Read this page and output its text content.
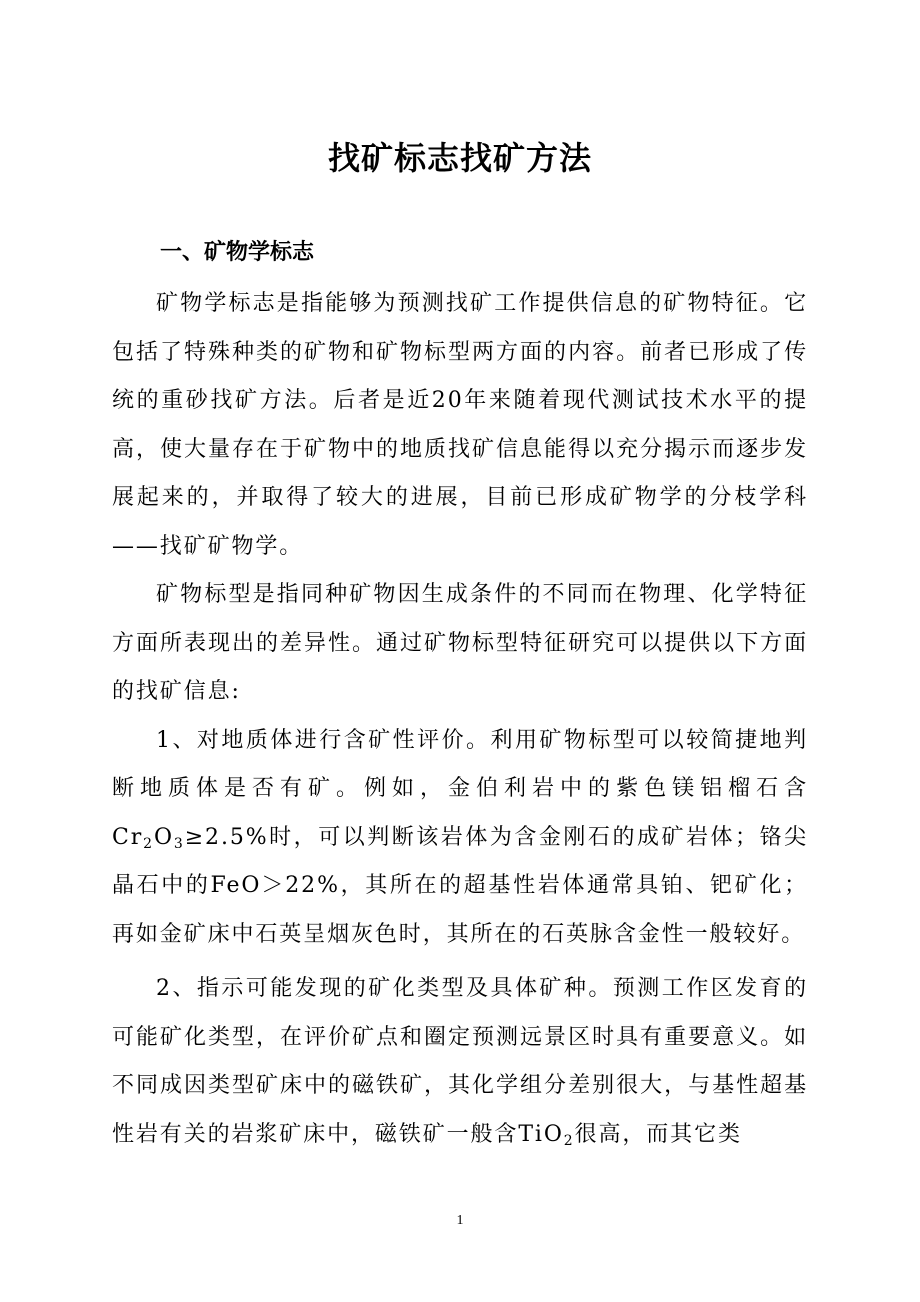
找矿标志找矿方法
一、矿物学标志

矿物学标志是指能够为预测找矿工作提供信息的矿物特征。它包括了特殊种类的矿物和矿物标型两方面的内容。前者已形成了传统的重砂找矿方法。后者是近20年来随着现代测试技术水平的提高，使大量存在于矿物中的地质找矿信息能得以充分揭示而逐步发展起来的，并取得了较大的进展，目前已形成矿物学的分枝学科——找矿矿物学。

矿物标型是指同种矿物因生成条件的不同而在物理、化学特征方面所表现出的差异性。通过矿物标型特征研究可以提供以下方面的找矿信息:

1、对地质体进行含矿性评价。利用矿物标型可以较简捷地判断地质体是否有矿。例如，金伯利岩中的紫色镁铝榴石含$Cr_2O_3\ge 2.5\%$时，可以判断该岩体为含金刚石的成矿岩体；铬尖晶石中的FeO＞22%，其所在的超基性岩体通常具铂、钯矿化；再如金矿床中石英呈烟灰色时，其所在的石英脉含金性一般较好。

2、指示可能发现的矿化类型及具体矿种。预测工作区发育的可能矿化类型，在评价矿点和圈定预测远景区时具有重要意义。如不同成因类型矿床中的磁铁矿，其化学组分差别很大，与基性超基性岩有关的岩浆矿床中，磁铁矿一般含TiO$_2$很高，而其它类

1
